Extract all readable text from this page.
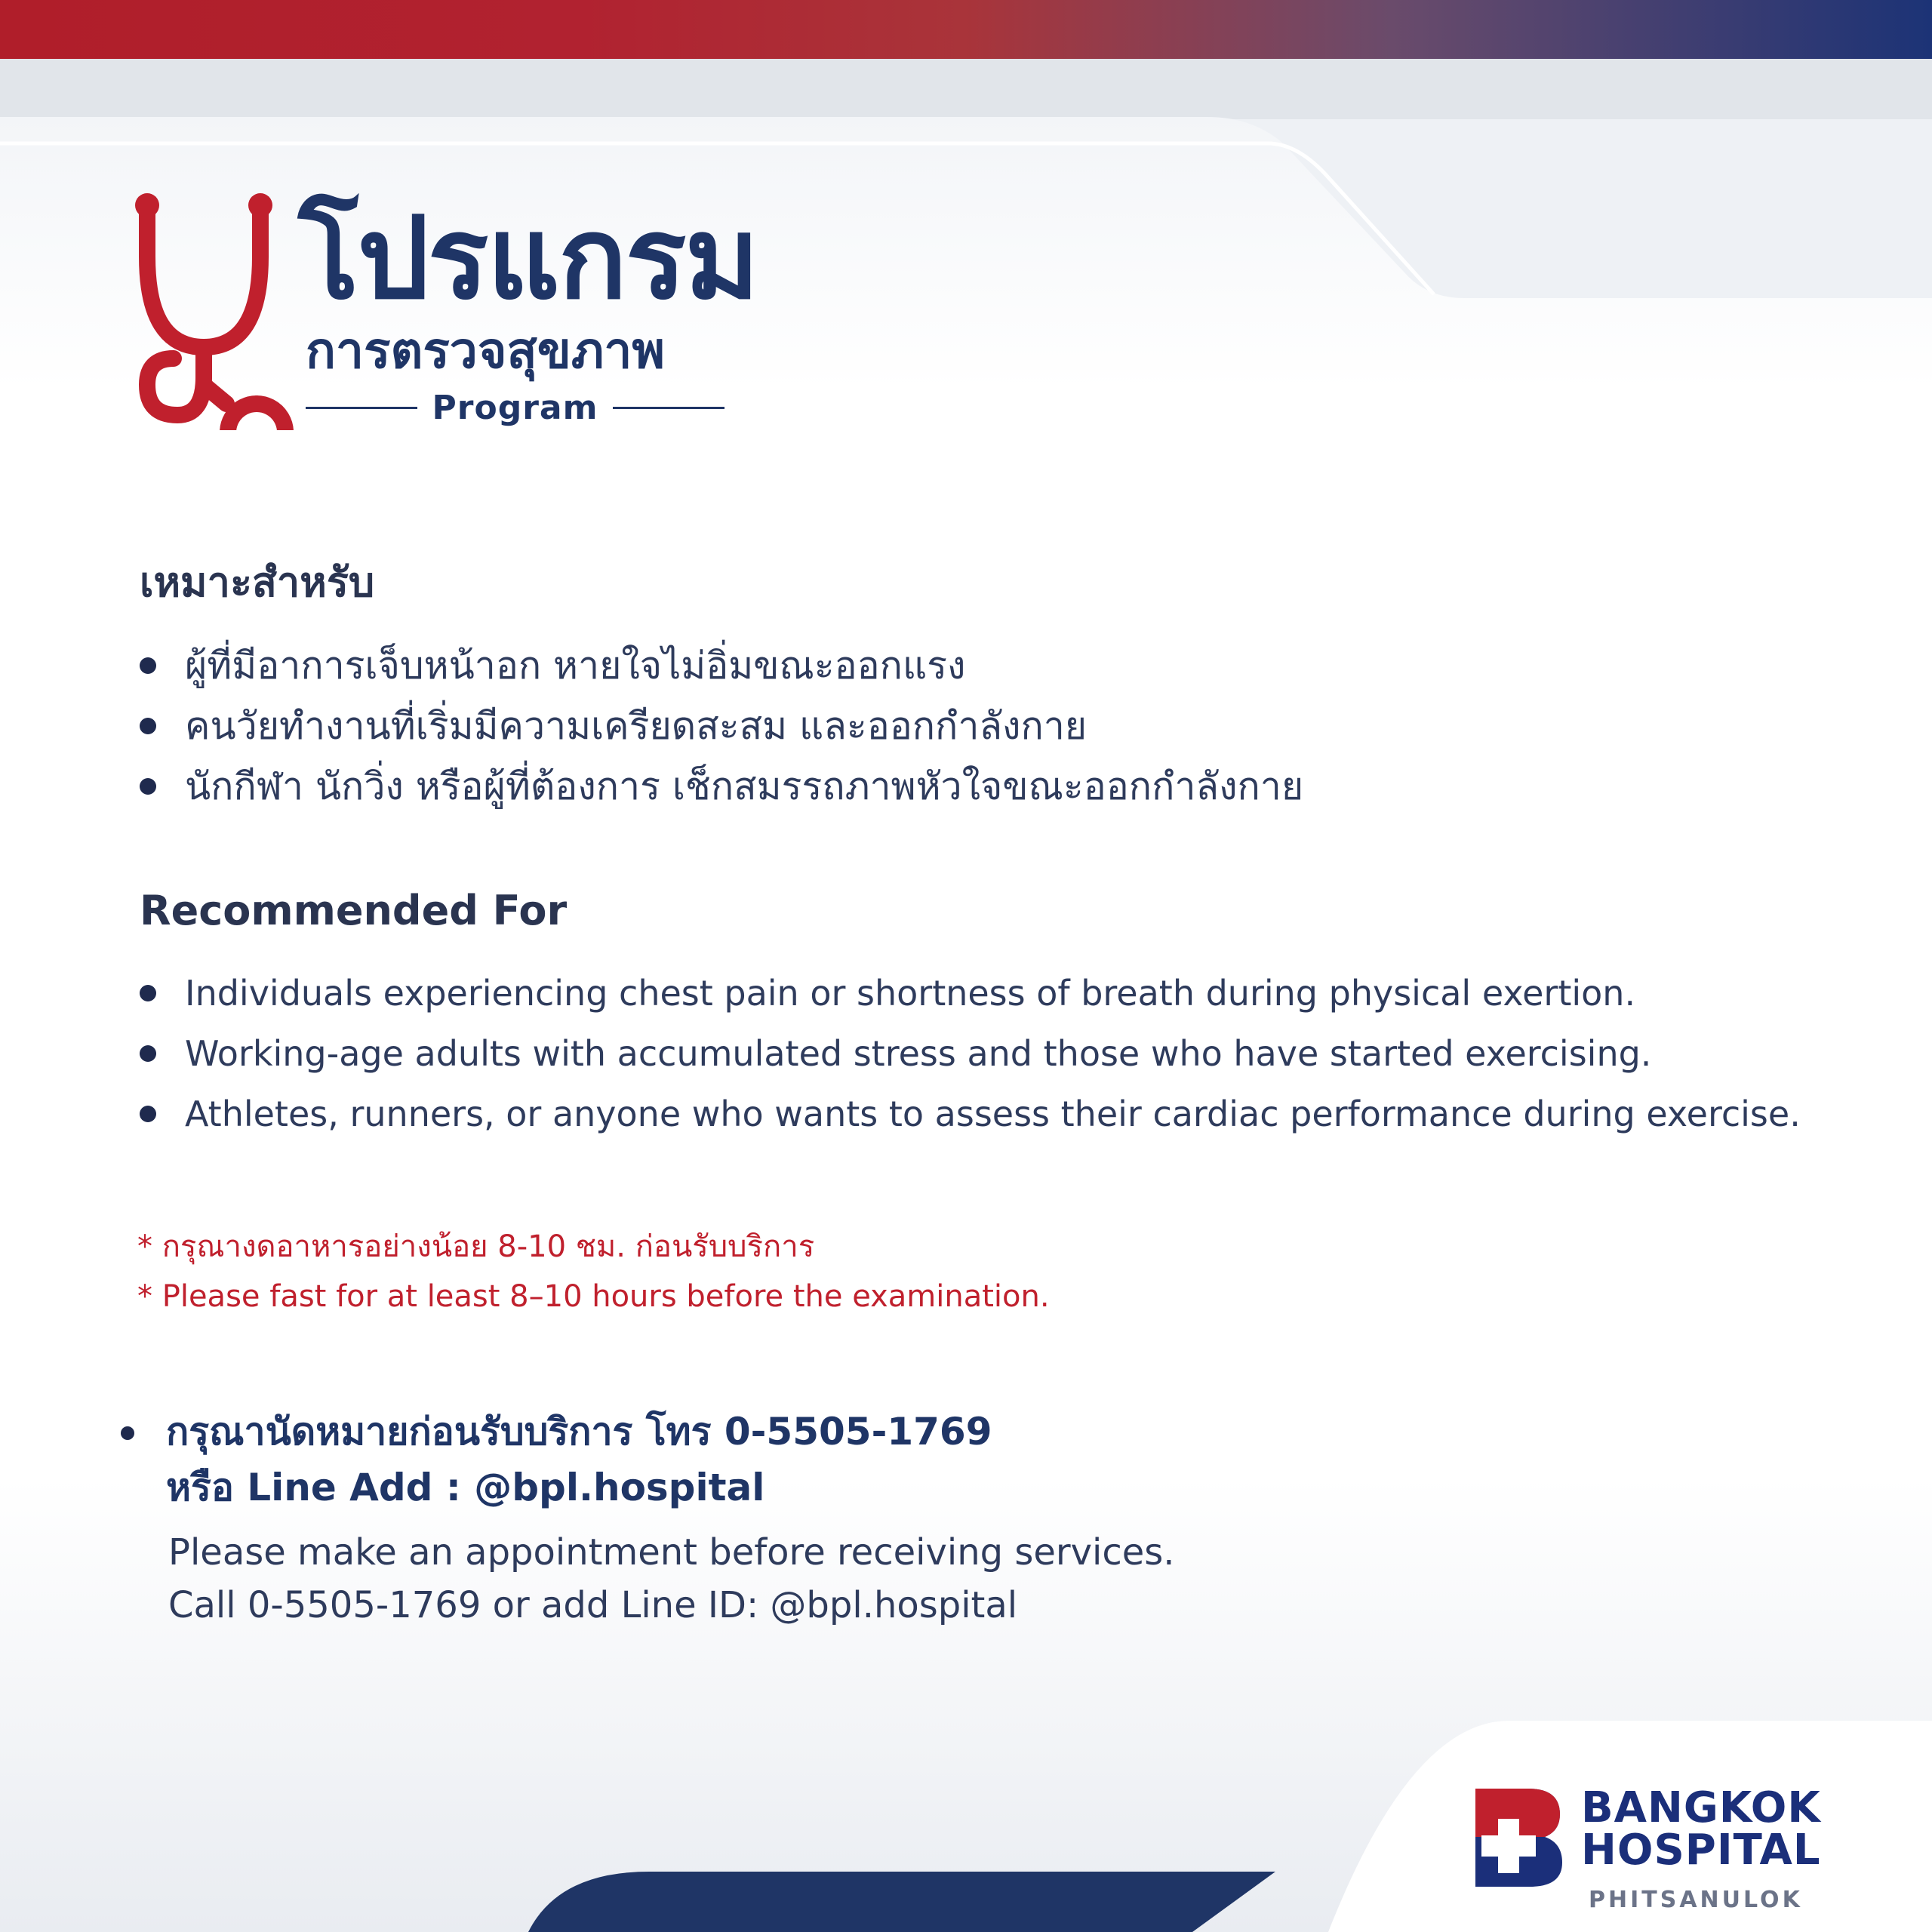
โปรแกรม
การตรวจสุขภาพ
Program
เหมาะสำหรับ
ผู้ที่มีอาการเจ็บหน้าอก หายใจไม่อิ่มขณะออกแรง
คนวัยทำงานที่เริ่มมีความเครียดสะสม และออกกำลังกาย
นักกีฬา นักวิ่ง หรือผู้ที่ต้องการ เช็กสมรรถภาพหัวใจขณะออกกำลังกาย
Recommended For
Individuals experiencing chest pain or shortness of breath during physical exertion.
Working-age adults with accumulated stress and those who have started exercising.
Athletes, runners, or anyone who wants to assess their cardiac performance during exercise.

* กรุณางดอาหารอย่างน้อย 8-10 ชม. ก่อนรับบริการ

* Please fast for at least 8–10 hours before the examination.

กรุณานัดหมายก่อนรับบริการ โทร 0-5505-1769

หรือ Line Add : @bpl.hospital

Please make an appointment before receiving services.

Call 0-5505-1769 or add Line ID: @bpl.hospital

BANGKOK
HOSPITAL

PHITSANULOK
